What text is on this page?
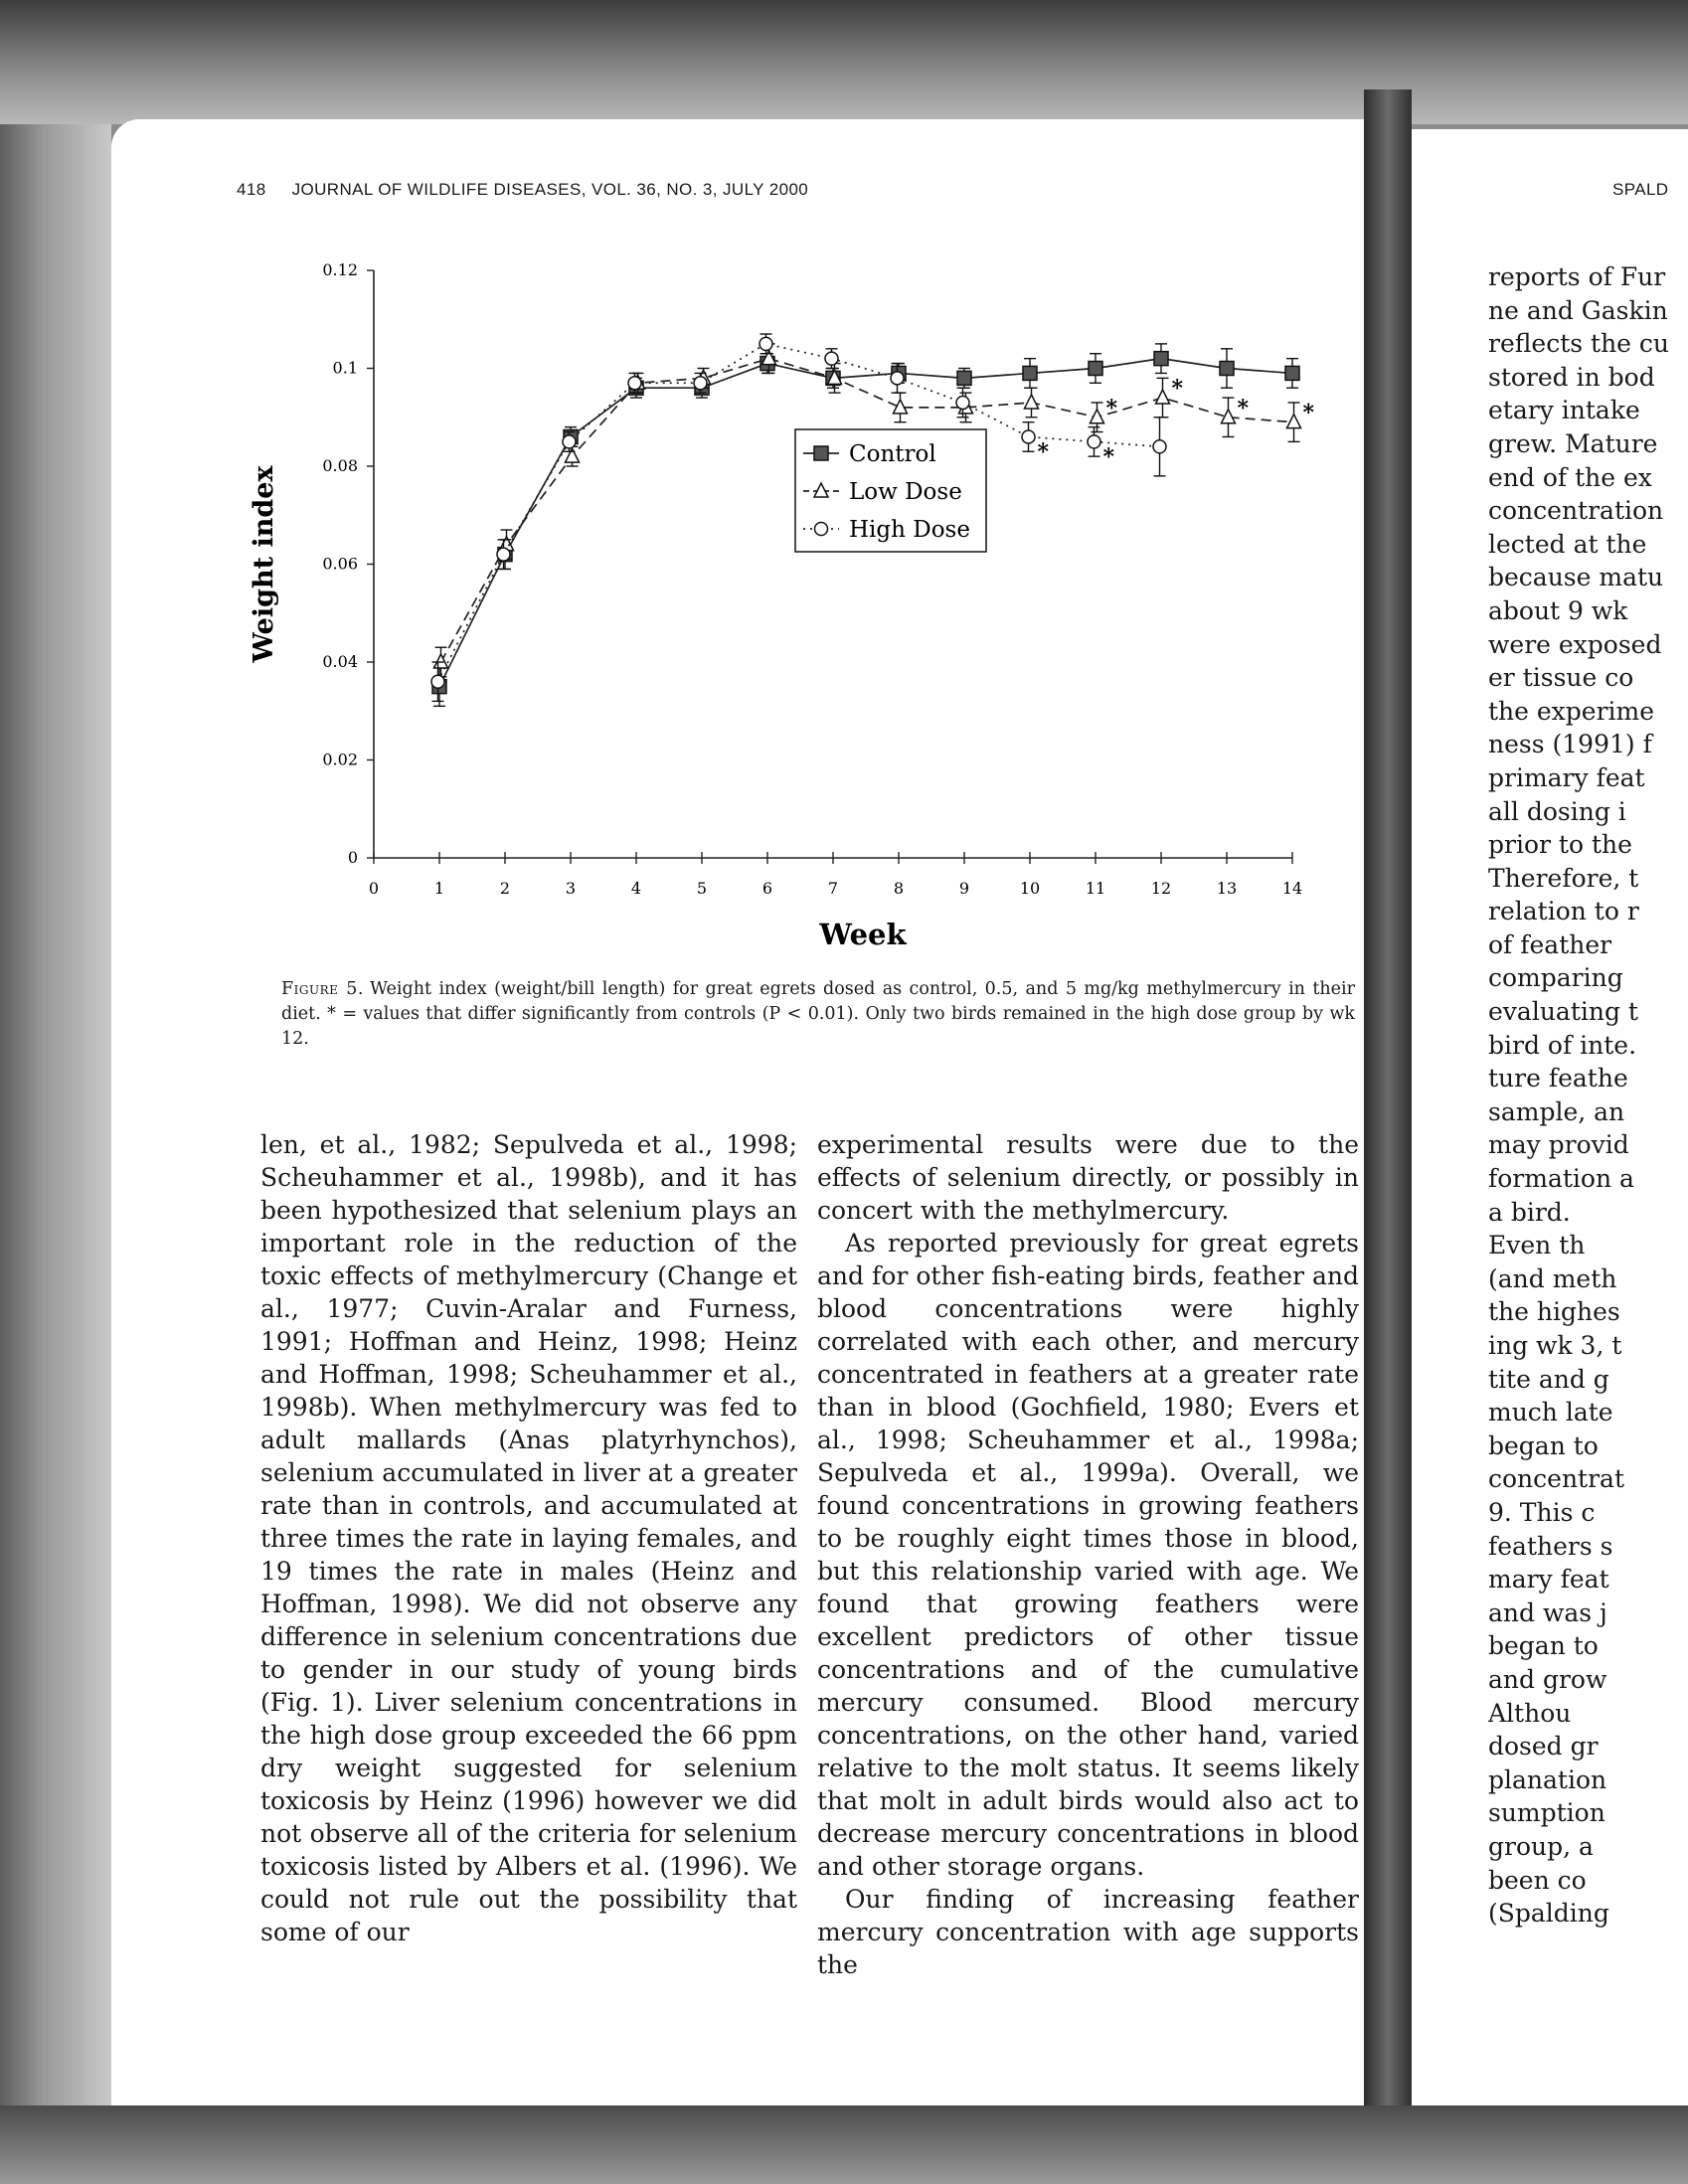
418 JOURNAL OF WILDLIFE DISEASES, VOL. 36, NO. 3, JULY 2000	SPALD
0
0.02
0.04
0.06
0.08
0.1
0.12
0	1	2	3	4	5	6	7	8	9	10	11	12	13	14
Week
Weight index
*
*
* *
* *
Control
Low Dose
High Dose
Figure 5. Weight index (weight/bill length) for great egrets dosed as control, 0.5, and 5 mg/kg methylmercury in their diet. * = values that differ significantly from controls (P < 0.01). Only two birds remained in the high dose group by wk 12.

len, et al., 1982; Sepulveda et al., 1998; Scheuhammer et al., 1998b), and it has been hypothesized that selenium plays an important role in the reduction of the toxic effects of methylmercury (Change et al., 1977; Cuvin-Aralar and Furness, 1991; Hoffman and Heinz, 1998; Heinz and Hoffman, 1998; Scheuhammer et al., 1998b). When methylmercury was fed to adult mallards (Anas platyrhynchos), selenium accumulated in liver at a greater rate than in controls, and accumulated at three times the rate in laying females, and 19 times the rate in males (Heinz and Hoffman, 1998). We did not observe any difference in selenium concentrations due to gender in our study of young birds (Fig. 1). Liver selenium concentrations in the high dose group exceeded the 66 ppm dry weight suggested for selenium toxicosis by Heinz (1996) however we did not observe all of the criteria for selenium toxicosis listed by Albers et al. (1996). We could not rule out the possibility that some of our

experimental results were due to the effects of selenium directly, or possibly in concert with the methylmercury.

As reported previously for great egrets and for other fish-eating birds, feather and blood concentrations were highly correlated with each other, and mercury concentrated in feathers at a greater rate than in blood (Gochfield, 1980; Evers et al., 1998; Scheuhammer et al., 1998a; Sepulveda et al., 1999a). Overall, we found concentrations in growing feathers to be roughly eight times those in blood, but this relationship varied with age. We found that growing feathers were excellent predictors of other tissue concentrations and of the cumulative mercury consumed. Blood mercury concentrations, on the other hand, varied relative to the molt status. It seems likely that molt in adult birds would also act to decrease mercury concentrations in blood and other storage organs.

Our finding of increasing feather mercury concentration with age supports the

reports of Fur
ne and Gaskin
reflects the cu
stored in bod
etary intake
grew. Mature
end of the ex
concentration
lected at the
because matu
about 9 wk
were exposed
er tissue co
the experime
ness (1991) f
primary feat
all dosing i
prior to the
Therefore, t
relation to r
of feather
comparing
evaluating t
bird of inte.
ture feathe
sample, an
may provid
formation a
a bird.
Even th
(and meth
the highes
ing wk 3, t
tite and g
much late
began to
concentrat
9. This c
feathers s
mary feat
and was j
began to
and grow
Althou
dosed gr
planation
sumption
group, a
been co
(Spalding
